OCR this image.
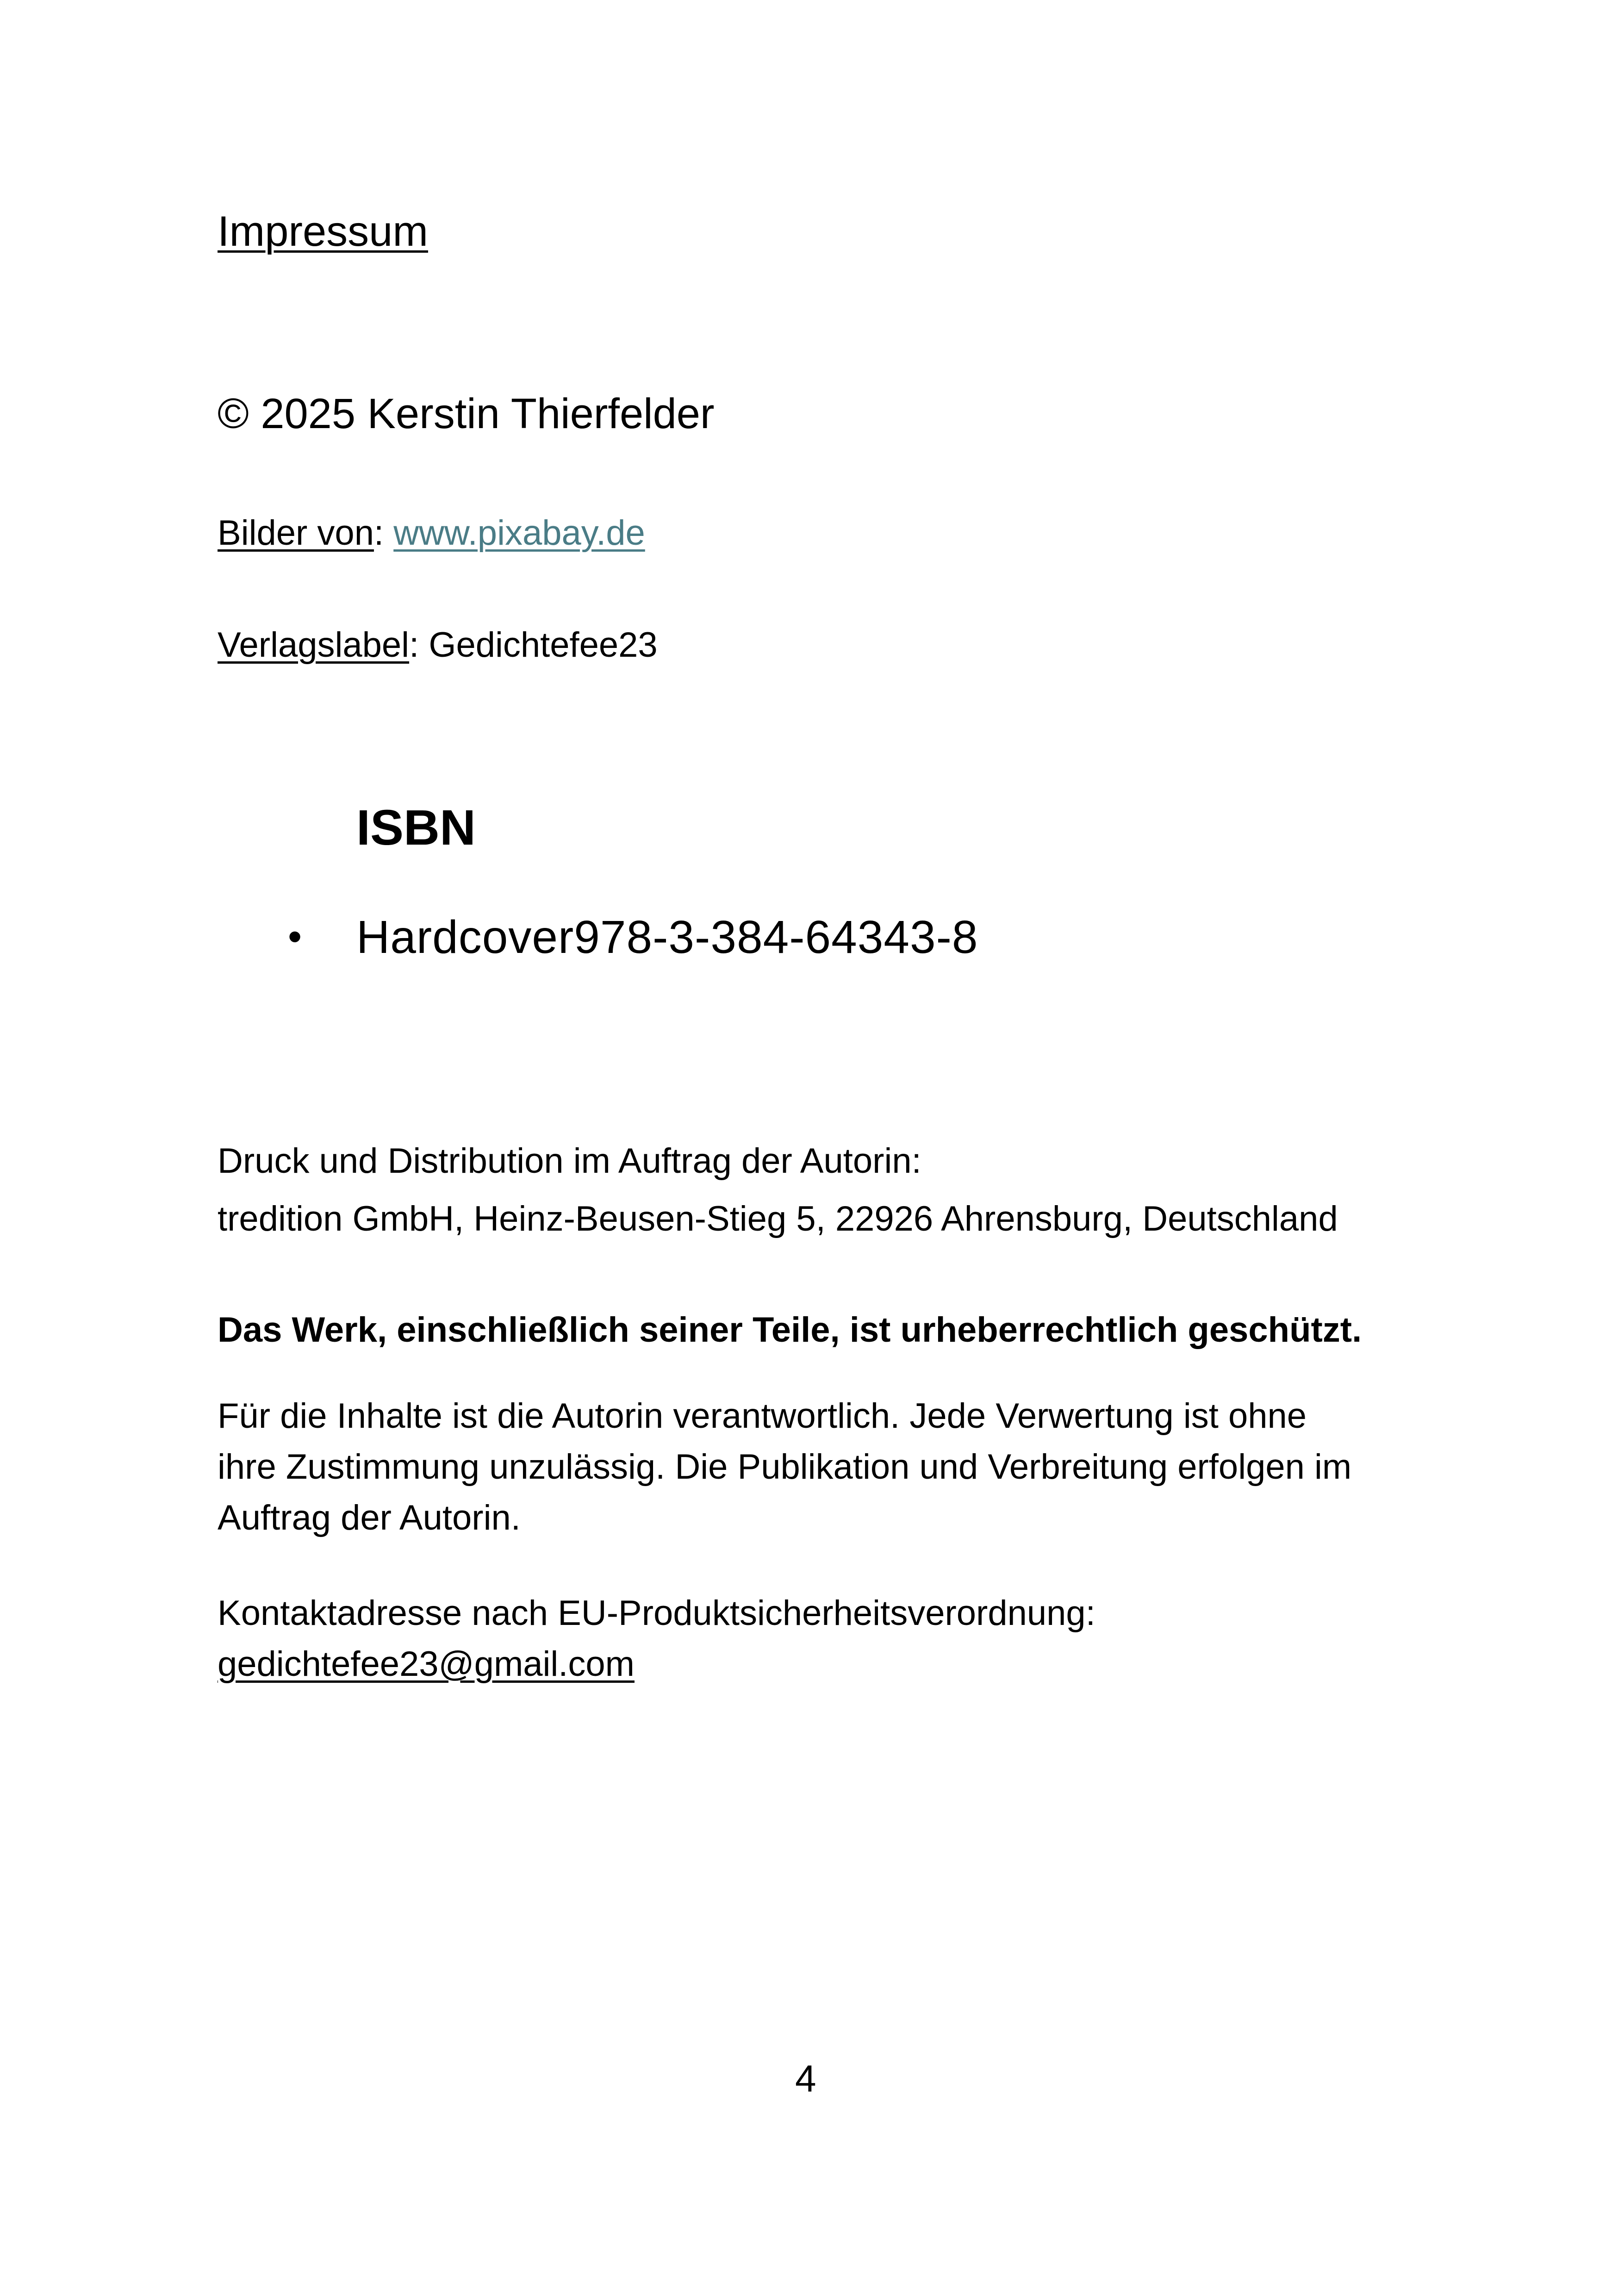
Impressum
© 2025 Kerstin Thierfelder
Bilder von: www.pixabay.de
Verlagslabel: Gedichtefee23
ISBN
• Hardcover978-3-384-64343-8
Druck und Distribution im Auftrag der Autorin:
tredition GmbH, Heinz-Beusen-Stieg 5, 22926 Ahrensburg, Deutschland
Das Werk, einschließlich seiner Teile, ist urheberrechtlich geschützt.
Für die Inhalte ist die Autorin verantwortlich. Jede Verwertung ist ohne
ihre Zustimmung unzulässig. Die Publikation und Verbreitung erfolgen im
Auftrag der Autorin.
Kontaktadresse nach EU-Produktsicherheitsverordnung:
gedichtefee23@gmail.com
4
